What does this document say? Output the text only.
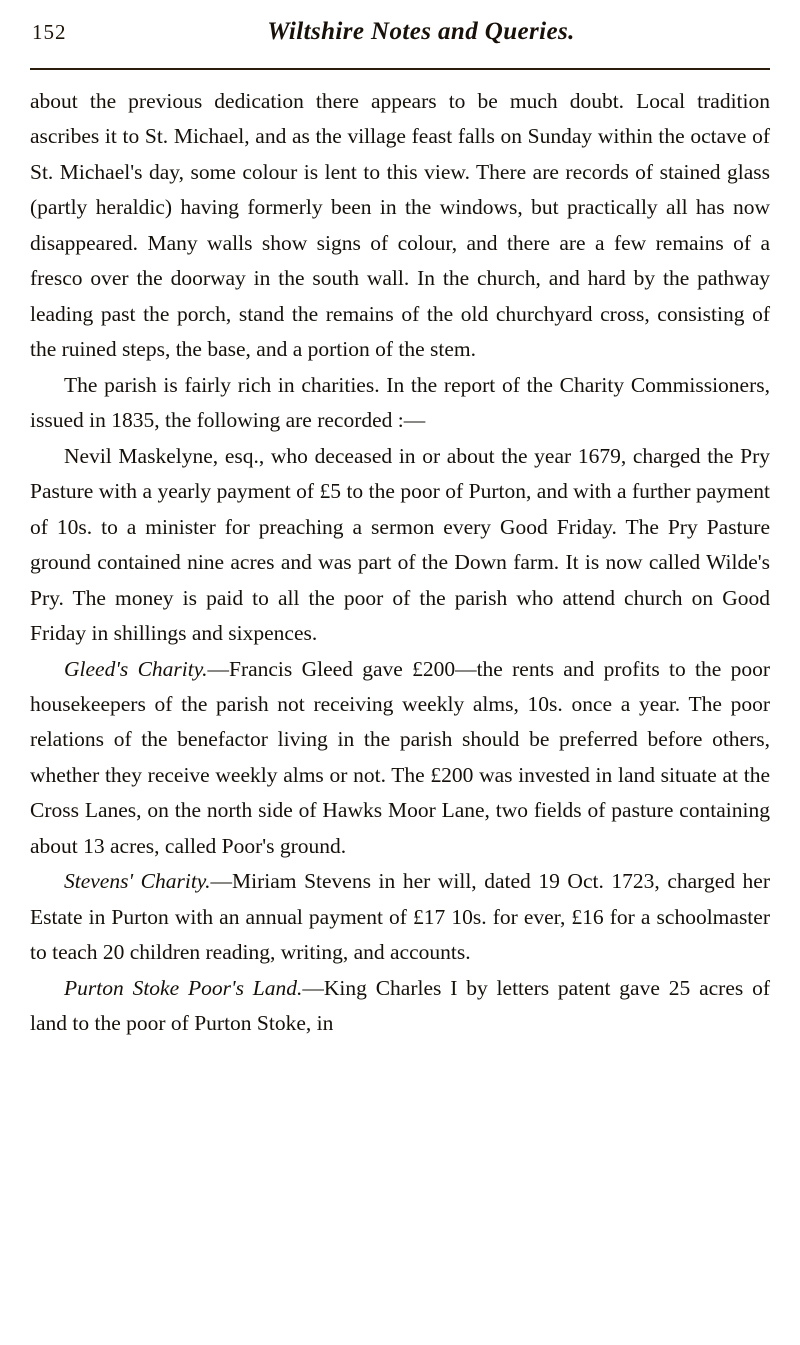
152	Wiltshire Notes and Queries.

about the previous dedication there appears to be much doubt. Local tradition ascribes it to St. Michael, and as the village feast falls on Sunday within the octave of St. Michael's day, some colour is lent to this view. There are records of stained glass (partly heraldic) having formerly been in the windows, but practically all has now disappeared. Many walls show signs of colour, and there are a few remains of a fresco over the doorway in the south wall. In the church, and hard by the pathway leading past the porch, stand the remains of the old churchyard cross, consisting of the ruined steps, the base, and a portion of the stem.

The parish is fairly rich in charities. In the report of the Charity Commissioners, issued in 1835, the following are recorded :—

Nevil Maskelyne, esq., who deceased in or about the year 1679, charged the Pry Pasture with a yearly payment of £5 to the poor of Purton, and with a further payment of 10s. to a minister for preaching a sermon every Good Friday. The Pry Pasture ground contained nine acres and was part of the Down farm. It is now called Wilde's Pry. The money is paid to all the poor of the parish who attend church on Good Friday in shillings and sixpences.

Gleed's Charity.—Francis Gleed gave £200—the rents and profits to the poor housekeepers of the parish not receiving weekly alms, 10s. once a year. The poor relations of the benefactor living in the parish should be preferred before others, whether they receive weekly alms or not. The £200 was invested in land situate at the Cross Lanes, on the north side of Hawks Moor Lane, two fields of pasture containing about 13 acres, called Poor's ground.

Stevens' Charity.—Miriam Stevens in her will, dated 19 Oct. 1723, charged her Estate in Purton with an annual payment of £17 10s. for ever, £16 for a schoolmaster to teach 20 children reading, writing, and accounts.

Purton Stoke Poor's Land.—King Charles I by letters patent gave 25 acres of land to the poor of Purton Stoke, in
